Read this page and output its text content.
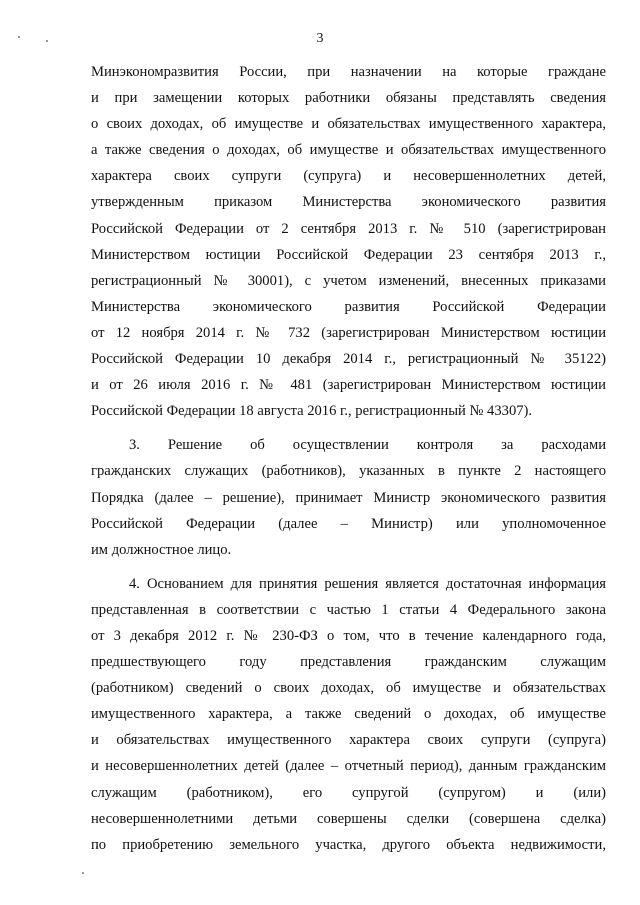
3
Минэкономразвития России, при назначении на которые граждане
и при замещении которых работники обязаны представлять сведения
о своих доходах, об имуществе и обязательствах имущественного характера,
а также сведения о доходах, об имуществе и обязательствах имущественного
характера своих супруги (супруга) и несовершеннолетних детей,
утвержденным приказом Министерства экономического развития
Российской Федерации от 2 сентября 2013 г. № 510 (зарегистрирован
Министерством юстиции Российской Федерации 23 сентября 2013 г.,
регистрационный № 30001), с учетом изменений, внесенных приказами
Министерства экономического развития Российской Федерации
от 12 ноября 2014 г. № 732 (зарегистрирован Министерством юстиции
Российской Федерации 10 декабря 2014 г., регистрационный № 35122)
и от 26 июля 2016 г. № 481 (зарегистрирован Министерством юстиции
Российской Федерации 18 августа 2016 г., регистрационный № 43307).
3. Решение об осуществлении контроля за расходами
гражданских служащих (работников), указанных в пункте 2 настоящего
Порядка (далее – решение), принимает Министр экономического развития
Российской Федерации (далее – Министр) или уполномоченное
им должностное лицо.
4. Основанием для принятия решения является достаточная информация
представленная в соответствии с частью 1 статьи 4 Федерального закона
от 3 декабря 2012 г. № 230-ФЗ о том, что в течение календарного года,
предшествующего году представления гражданским служащим
(работником) сведений о своих доходах, об имуществе и обязательствах
имущественного характера, а также сведений о доходах, об имуществе
и обязательствах имущественного характера своих супруги (супруга)
и несовершеннолетних детей (далее – отчетный период), данным гражданским
служащим (работником), его супругой (супругом) и (или)
несовершеннолетними детьми совершены сделки (совершена сделка)
по приобретению земельного участка, другого объекта недвижимости,
